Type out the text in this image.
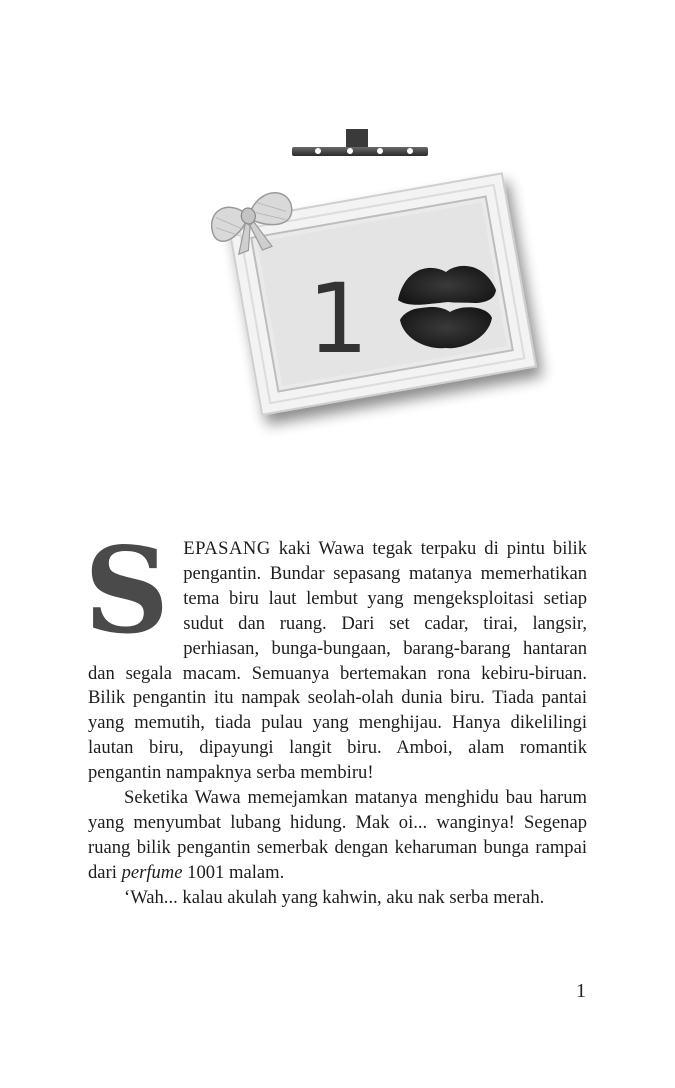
1

SEPASANG kaki Wawa tegak terpaku di pintu bilik pengantin. Bundar sepasang matanya memerhatikan tema biru laut lembut yang mengeksploitasi setiap sudut dan ruang. Dari set cadar, tirai, langsir, perhiasan, bunga-bungaan, barang-barang hantaran dan segala macam. Semuanya bertemakan rona kebiru-biruan. Bilik pengantin itu nampak seolah-olah dunia biru. Tiada pantai yang memutih, tiada pulau yang menghijau. Hanya dikelilingi lautan biru, dipayungi langit biru. Amboi, alam romantik pengantin nampaknya serba membiru!

Seketika Wawa memejamkan matanya menghidu bau harum yang menyumbat lubang hidung. Mak oi... wanginya! Segenap ruang bilik pengantin semerbak dengan keharuman bunga rampai dari perfume 1001 malam.

‘Wah... kalau akulah yang kahwin, aku nak serba merah.

1
